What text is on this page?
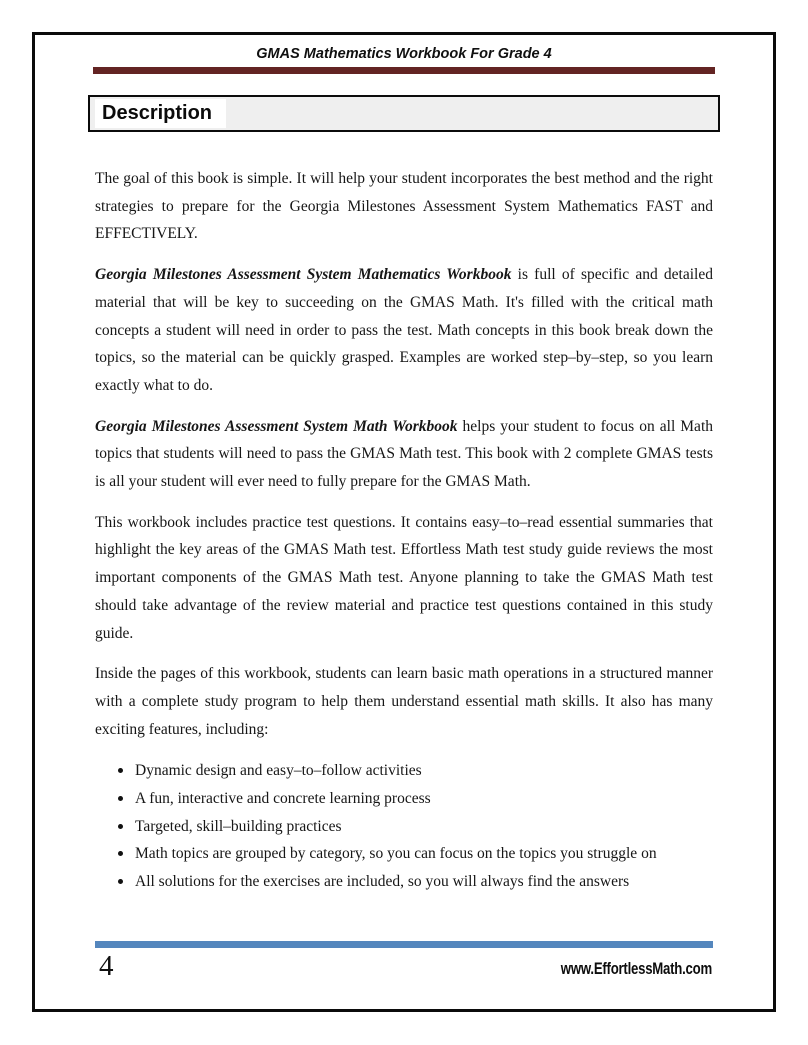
GMAS Mathematics Workbook For Grade 4
Description

The goal of this book is simple. It will help your student incorporates the best method and the right strategies to prepare for the Georgia Milestones Assessment System Mathematics FAST and EFFECTIVELY.

Georgia Milestones Assessment System Mathematics Workbook is full of specific and detailed material that will be key to succeeding on the GMAS Math. It's filled with the critical math concepts a student will need in order to pass the test. Math concepts in this book break down the topics, so the material can be quickly grasped. Examples are worked step–by–step, so you learn exactly what to do.

Georgia Milestones Assessment System Math Workbook helps your student to focus on all Math topics that students will need to pass the GMAS Math test. This book with 2 complete GMAS tests is all your student will ever need to fully prepare for the GMAS Math.

This workbook includes practice test questions. It contains easy–to–read essential summaries that highlight the key areas of the GMAS Math test. Effortless Math test study guide reviews the most important components of the GMAS Math test. Anyone planning to take the GMAS Math test should take advantage of the review material and practice test questions contained in this study guide.

Inside the pages of this workbook, students can learn basic math operations in a structured manner with a complete study program to help them understand essential math skills. It also has many exciting features, including:

Dynamic design and easy–to–follow activities
A fun, interactive and concrete learning process
Targeted, skill–building practices
Math topics are grouped by category, so you can focus on the topics you struggle on
All solutions for the exercises are included, so you will always find the answers
4	www.EffortlessMath.com
